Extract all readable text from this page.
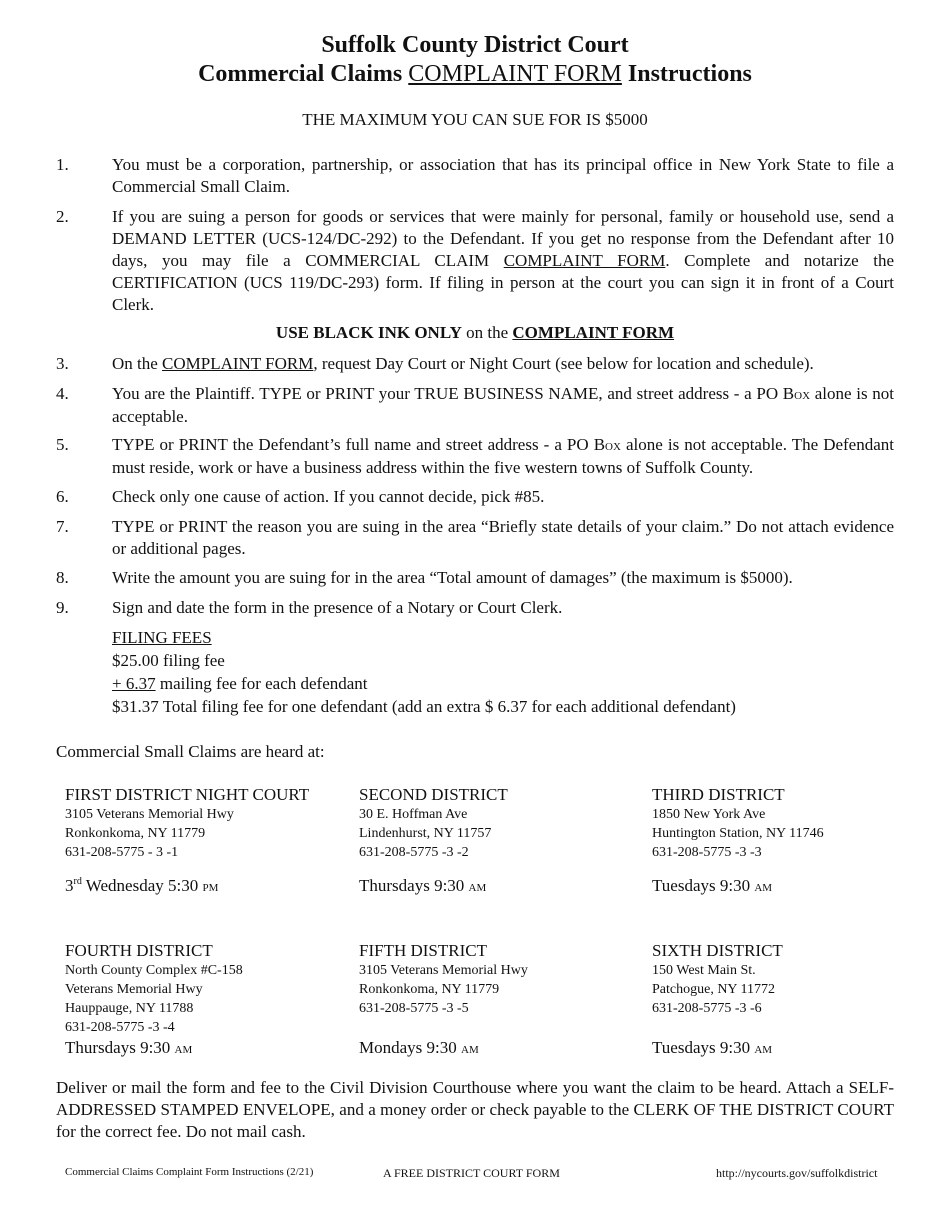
Suffolk County District Court
Commercial Claims COMPLAINT FORM Instructions
THE MAXIMUM YOU CAN SUE FOR IS $5000
1.	You must be a corporation, partnership, or association that has its principal office in New York State to file a Commercial Small Claim.
2.	If you are suing a person for goods or services that were mainly for personal, family or household use, send a DEMAND LETTER (UCS-124/DC-292) to the Defendant. If you get no response from the Defendant after 10 days, you may file a COMMERCIAL CLAIM COMPLAINT FORM. Complete and notarize the CERTIFICATION (UCS 119/DC-293) form. If filing in person at the court you can sign it in front of a Court Clerk.
USE BLACK INK ONLY on the COMPLAINT FORM
3.	On the COMPLAINT FORM, request Day Court or Night Court (see below for location and schedule).
4.	You are the Plaintiff. TYPE or PRINT your TRUE BUSINESS NAME, and street address - a PO Box alone is not acceptable.
5.	TYPE or PRINT the Defendant’s full name and street address - a PO Box alone is not acceptable. The Defendant must reside, work or have a business address within the five western towns of Suffolk County.
6.	Check only one cause of action. If you cannot decide, pick #85.
7.	TYPE or PRINT the reason you are suing in the area “Briefly state details of your claim.” Do not attach evidence or additional pages.
8.	Write the amount you are suing for in the area “Total amount of damages” (the maximum is $5000).
9.	Sign and date the form in the presence of a Notary or Court Clerk.
FILING FEES
$25.00 filing fee
+ 6.37 mailing fee for each defendant
$31.37 Total filing fee for one defendant (add an extra $ 6.37 for each additional defendant)
Commercial Small Claims are heard at:
FIRST DISTRICT NIGHT COURT
3105 Veterans Memorial Hwy
Ronkonkoma, NY 11779
631-208-5775 - 3 -1
3rd Wednesday 5:30 pm
SECOND DISTRICT
30 E. Hoffman Ave
Lindenhurst, NY 11757
631-208-5775 -3 -2
Thursdays 9:30 am
THIRD DISTRICT
1850 New York Ave
Huntington Station, NY 11746
631-208-5775 -3 -3
Tuesdays 9:30 am
FOURTH DISTRICT
North County Complex #C-158
Veterans Memorial Hwy
Hauppauge, NY 11788
631-208-5775 -3 -4
Thursdays 9:30 am
FIFTH DISTRICT
3105 Veterans Memorial Hwy
Ronkonkoma, NY 11779
631-208-5775 -3 -5
Mondays 9:30 am
SIXTH DISTRICT
150 West Main St.
Patchogue, NY 11772
631-208-5775 -3 -6
Tuesdays 9:30 am
Deliver or mail the form and fee to the Civil Division Courthouse where you want the claim to be heard. Attach a SELF-ADDRESSED STAMPED ENVELOPE, and a money order or check payable to the CLERK OF THE DISTRICT COURT for the correct fee. Do not mail cash.
Commercial Claims Complaint Form Instructions (2/21)	A FREE DISTRICT COURT FORM	http://nycourts.gov/suffolkdistrict
